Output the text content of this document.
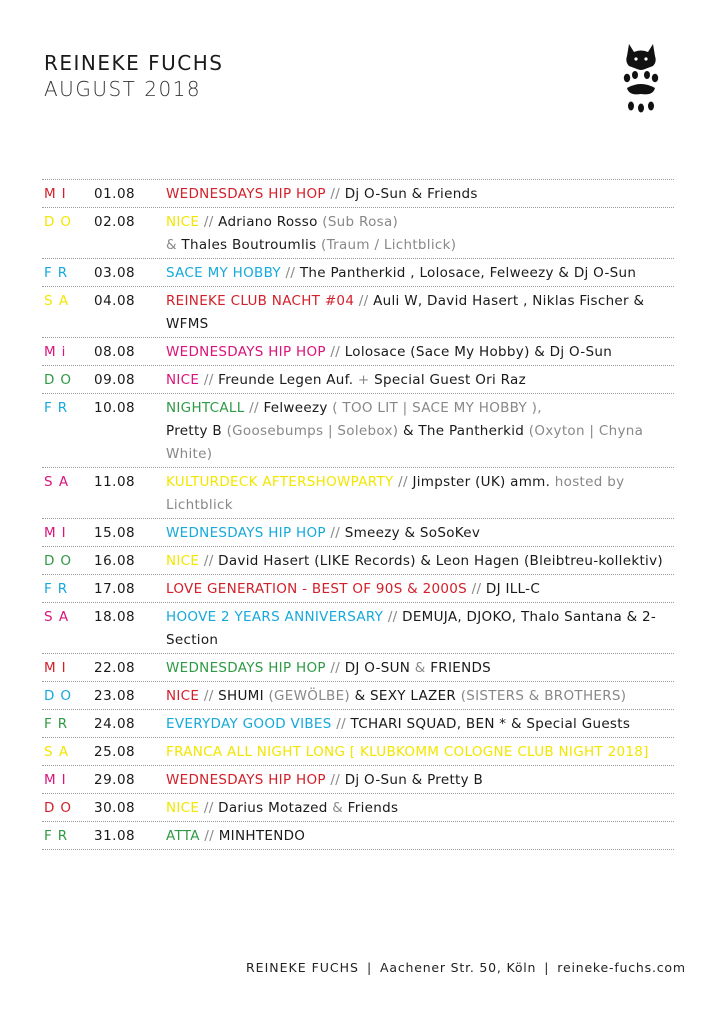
REINEKE FUCHS
AUGUST 2018
MI	01.08	WEDNESDAYS HIP HOP // Dj O-Sun & Friends
DO	02.08	NICE // Adriano Rosso (Sub Rosa)
& Thales Boutroumlis (Traum / Lichtblick)
FR	03.08	SACE MY HOBBY // The Pantherkid , Lolosace, Felweezy & Dj O-Sun
SA	04.08	REINEKE CLUB NACHT #04 // Auli W, David Hasert , Niklas Fischer & WFMS
Mi	08.08	WEDNESDAYS HIP HOP // Lolosace (Sace My Hobby) & Dj O-Sun
DO	09.08	NICE // Freunde Legen Auf. + Special Guest Ori Raz
FR	10.08	NIGHTCALL // Felweezy ( TOO LIT | SACE MY HOBBY ),
Pretty B (Goosebumps | Solebox) & The Pantherkid (Oxyton | Chyna White)
SA	11.08	KULTURDECK AFTERSHOWPARTY // Jimpster (UK) amm. hosted by Lichtblick
MI	15.08	WEDNESDAYS HIP HOP // Smeezy & SoSoKev
DO	16.08	NICE // David Hasert (LIKE Records) & Leon Hagen (Bleibtreu-kollektiv)
FR	17.08	LOVE GENERATION - BEST OF 90S & 2000S // DJ ILL-C
SA	18.08	HOOVE 2 YEARS ANNIVERSARY // DEMUJA, DJOKO, Thalo Santana & 2-Section
MI	22.08	WEDNESDAYS HIP HOP // DJ O-SUN & FRIENDS
DO	23.08	NICE // SHUMI (GEWÖLBE) & SEXY LAZER (SISTERS & BROTHERS)
FR	24.08	EVERYDAY GOOD VIBES // TCHARI SQUAD, BEN * & Special Guests
SA	25.08	FRANCA ALL NIGHT LONG [ KLUBKOMM COLOGNE CLUB NIGHT 2018]
MI	29.08	WEDNESDAYS HIP HOP // Dj O-Sun & Pretty B
DO	30.08	NICE // Darius Motazed & Friends
FR	31.08	ATTA // MINHTENDO
REINEKE FUCHS | Aachener Str. 50, Köln | reineke-fuchs.com
